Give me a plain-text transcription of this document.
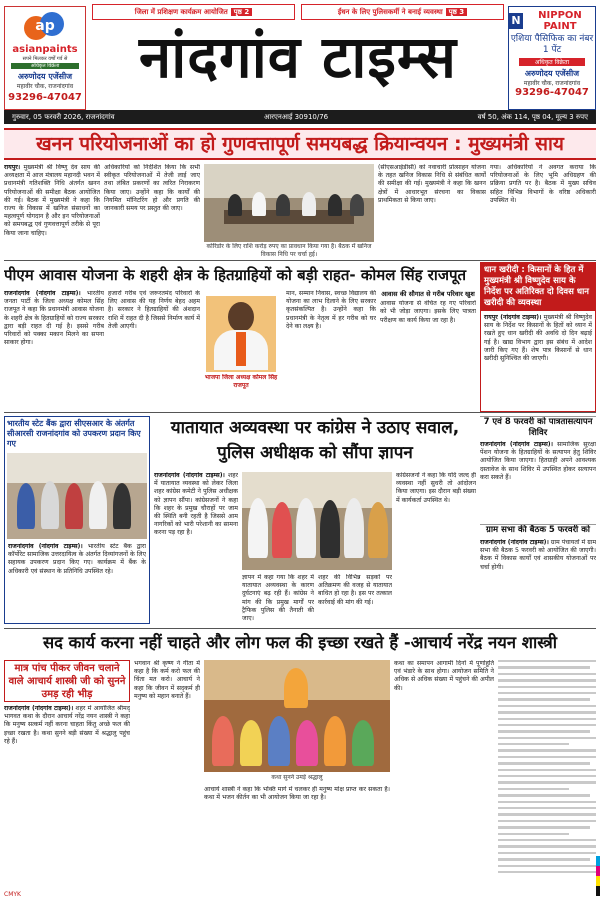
ap
asianpaints
सपने मिलकर वर्षों गर्व से
अधिकृत विक्रेता
अरुणोदय एजेंसीज
महावीर चौक, राजनांदगांव
93296-47047
N	NIPPON PAINT
एशिया पैसिफिक का नंबर 1 पेंट
अधिकृत विक्रेता
अरुणोदय एजेंसीज
महावीर चौक, राजनांदगांव
93296-47047
जिला में प्रशिक्षण कार्यक्रम आयोजित पृष्ठ 2	ईंधन के लिए पुलिसकर्मी ने बनाई व्यवस्था पृष्ठ 3
नांदगांव टाइम्स
गुरुवार, 05 फरवरी 2026, राजनांदगांव	आरएनआई 30910/76	वर्ष 50, अंक 114, पृष्ठ 04, मूल्य 3 रुपए
खनन परियोजनाओं का हो गुणवत्तापूर्ण समयबद्ध क्रियान्वयन : मुख्यमंत्री साय
रायपुर। मुख्यमंत्री श्री विष्णु देव साय की अध्यक्षता में आज मंत्रालय महानदी भवन में प्रधानमंत्री गतिशक्ति निधि अंतर्गत खनन परियोजनाओं की समीक्षा बैठक आयोजित की गई। बैठक में मुख्यमंत्री ने कहा कि राज्य के विकास में खनिज संसाधनों का महत्वपूर्ण योगदान है और इन परियोजनाओं को समयबद्ध एवं गुणवत्तापूर्ण तरीके से पूरा किया जाना चाहिए।
अधिकारियों को निर्देशित किया कि सभी स्वीकृत परियोजनाओं में तेजी लाई जाए तथा लंबित प्रकरणों का त्वरित निराकरण किया जाए। उन्होंने कहा कि कार्यों की नियमित मॉनिटरिंग हो और प्रगति की जानकारी समय पर प्रस्तुत की जाए।
कोरिडोर के लिए राशि करोड़ रुपए का प्रावधान किया गया है। बैठक में खनिज विकास निधि पर चर्चा हुई।
(सीएसआईडीसी) को नवाचारी प्रोत्साहन योजना के तहत खनिज विकास निधि से संबंधित कार्यों की समीक्षा की गई। मुख्यमंत्री ने कहा कि खनन क्षेत्रों में आधारभूत संरचना का विकास प्राथमिकता से किया जाए।
गया। अधिकारियों ने अवगत कराया कि परियोजनाओं के लिए भूमि अधिग्रहण की प्रक्रिया प्रगति पर है। बैठक में मुख्य सचिव सहित विभिन्न विभागों के वरिष्ठ अधिकारी उपस्थित थे।
पीएम आवास योजना के शहरी क्षेत्र के हितग्राहियों को बड़ी राहत- कोमल सिंह राजपूत
राजनांदगांव (नांदगांव टाइम्स)। भारतीय जनता पार्टी के जिला अध्यक्ष कोमल सिंह राजपूत ने कहा कि प्रधानमंत्री आवास योजना के शहरी क्षेत्र के हितग्राहियों को राज्य सरकार द्वारा बड़ी राहत दी गई है। इससे गरीब परिवारों को पक्का मकान मिलने का सपना साकार होगा।
हजारों गरीब एवं जरूरतमंद परिवारों के लिए आवास की यह निर्णय बेहद अहम है। सरकार ने हितग्राहियों की अंशदान राशि में राहत दी है जिससे निर्माण कार्य में तेजी आएगी।
भाजपा जिला अध्यक्ष कोमल सिंह राजपूत
मान, सम्मान निवास, स्वच्छ विद्यालय की योजना का लाभ दिलाने के लिए सरकार कृतसंकल्पित है। उन्होंने कहा कि प्रधानमंत्री के नेतृत्व में हर गरीब को घर देने का लक्ष्य है।
आवास की सौगात से गरीब परिवार खुश
आवास योजना से वंचित रह गए परिवारों को भी जोड़ा जाएगा। इसके लिए पात्रता परीक्षण का कार्य किया जा रहा है।
धान खरीदी : किसानों के हित में मुख्यमंत्री श्री विष्णुदेव साय के निर्देश पर अतिरिक्त दो दिवस धान खरीदी की व्यवस्था
रायपुर (नांदगांव टाइम्स)। मुख्यमंत्री श्री विष्णुदेव साय के निर्देश पर किसानों के हितों को ध्यान में रखते हुए धान खरीदी की अवधि दो दिन बढ़ाई गई है। खाद्य विभाग द्वारा इस संबंध में आदेश जारी किए गए हैं। शेष पात्र किसानों से धान खरीदी सुनिश्चित की जाएगी।
भारतीय स्टेट बैंक द्वारा सीएसआर के अंतर्गत सीआरसी राजनांदगांव को उपकरण प्रदान किए गए
राजनांदगांव (नांदगांव टाइम्स)। भारतीय स्टेट बैंक द्वारा कॉर्पोरेट सामाजिक उत्तरदायित्व के अंतर्गत दिव्यांगजनों के लिए सहायक उपकरण प्रदान किए गए। कार्यक्रम में बैंक के अधिकारी एवं संस्थान के प्रतिनिधि उपस्थित रहे।
यातायात अव्यवस्था पर कांग्रेस ने उठाए सवाल, पुलिस अधीक्षक को सौंपा ज्ञापन
राजनांदगांव (नांदगांव टाइम्स)। शहर में यातायात व्यवस्था को लेकर जिला शहर कांग्रेस कमेटी ने पुलिस अधीक्षक को ज्ञापन सौंपा। कांग्रेसजनों ने कहा कि शहर के प्रमुख चौराहों पर जाम की स्थिति बनी रहती है जिससे आम नागरिकों को भारी परेशानी का सामना करना पड़ रहा है।
ज्ञापन में कहा गया कि शहर में यातायात अव्यवस्था के कारण दुर्घटनाएं बढ़ रही हैं। कांग्रेस ने मांग की कि प्रमुख मार्गों पर ट्रैफिक पुलिस की तैनाती की जाए।
शहर की विभिन्न सड़कों पर अतिक्रमण की वजह से यातायात बाधित हो रहा है। इस पर तत्काल कार्रवाई की मांग की गई।
कांग्रेसजनों ने कहा कि यदि जल्द ही व्यवस्था नहीं सुधरी तो आंदोलन किया जाएगा। इस दौरान बड़ी संख्या में कार्यकर्ता उपस्थित थे।
7 एवं 8 फरवरी को पात्रतासत्यापन शिविर
राजनांदगांव (नांदगांव टाइम्स)। सामाजिक सुरक्षा पेंशन योजना के हितग्राहियों के सत्यापन हेतु शिविर आयोजित किया जाएगा। हितग्राही अपने आवश्यक दस्तावेज के साथ शिविर में उपस्थित होकर सत्यापन करा सकते हैं।
ग्राम सभा की बैठक 5 फरवरी को
राजनांदगांव (नांदगांव टाइम्स)। ग्राम पंचायतों में ग्राम सभा की बैठक 5 फरवरी को आयोजित की जाएगी। बैठक में विकास कार्यों एवं शासकीय योजनाओं पर चर्चा होगी।
सद कार्य करना नहीं चाहते और लोग फल की इच्छा रखते हैं -आचार्य नरेंद्र नयन शास्त्री
मात्र पांच पीकर जीवन चलाने वाले आचार्य शास्त्री जी को सुनने उमड़ रही भीड़
राजनांदगांव (नांदगांव टाइम्स)। शहर में आयोजित श्रीमद् भागवत कथा के दौरान आचार्य नरेंद्र नयन शास्त्री ने कहा कि मनुष्य सत्कर्म नहीं करना चाहता किंतु अच्छे फल की इच्छा रखता है। कथा सुनने बड़ी संख्या में श्रद्धालु पहुंच रहे हैं।
भगवान श्री कृष्ण ने गीता में कहा है कि कर्म करो फल की चिंता मत करो। आचार्य ने कहा कि जीवन में सद्कर्म ही मनुष्य को महान बनाते हैं।
कथा सुनने उमड़े श्रद्धालु
आचार्य शास्त्री ने कहा कि भक्ति मार्ग में चलकर ही मनुष्य मोक्ष प्राप्त कर सकता है। कथा में भजन कीर्तन का भी आयोजन किया जा रहा है।
कथा का समापन आगामी दिनों में पूर्णाहुति एवं भंडारे के साथ होगा। आयोजन समिति ने अधिक से अधिक संख्या में पहुंचने की अपील की।
CMYK
